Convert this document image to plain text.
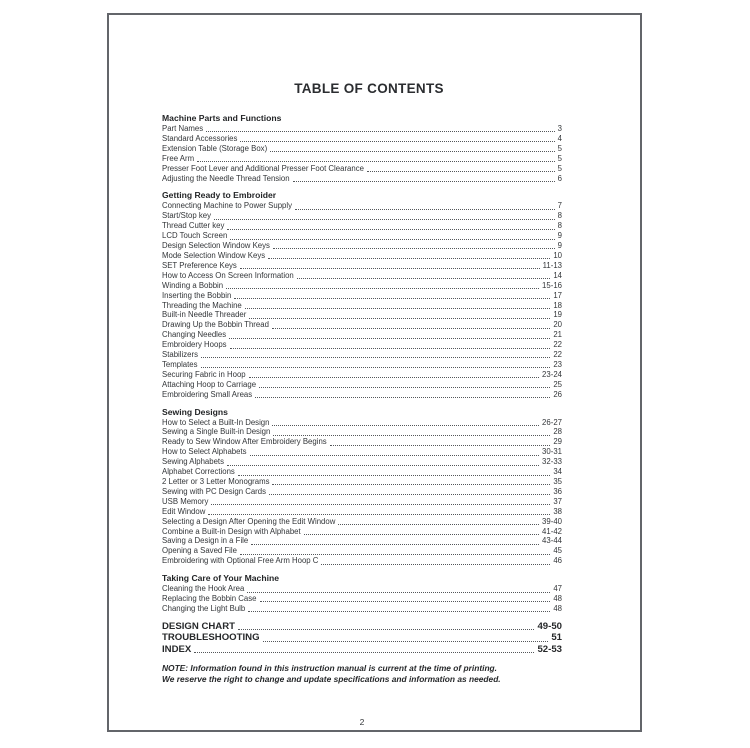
TABLE OF CONTENTS
Machine Parts and Functions
Part Names	3
Standard Accessories	4
Extension Table (Storage Box)	5
Free Arm	5
Presser Foot Lever and Additional Presser Foot Clearance	5
Adjusting the Needle Thread Tension	6
Getting Ready to Embroider
Connecting Machine to Power Supply	7
Start/Stop key	8
Thread Cutter key	8
LCD Touch Screen	9
Design Selection Window Keys	9
Mode Selection Window Keys	10
SET Preference Keys	11-13
How to Access On Screen Information	14
Winding a Bobbin	15-16
Inserting the Bobbin	17
Threading the Machine	18
Built-in Needle Threader	19
Drawing Up the Bobbin Thread	20
Changing Needles	21
Embroidery Hoops	22
Stabilizers	22
Templates	23
Securing Fabric in Hoop	23-24
Attaching Hoop to Carriage	25
Embroidering Small Areas	26
Sewing Designs
How to Select a Built-In Design	26-27
Sewing a Single Built-in Design	28
Ready to Sew Window After Embroidery Begins	29
How to Select Alphabets	30-31
Sewing Alphabets	32-33
Alphabet Corrections	34
2 Letter or 3 Letter Monograms	35
Sewing with PC Design Cards	36
USB Memory	37
Edit Window	38
Selecting a Design After Opening the Edit Window	39-40
Combine a Built-in Design with Alphabet	41-42
Saving a Design in a File	43-44
Opening a Saved File	45
Embroidering with Optional Free Arm Hoop C	46
Taking Care of Your Machine
Cleaning the Hook Area	47
Replacing the Bobbin Case	48
Changing the Light Bulb	48
DESIGN CHART	49-50
TROUBLESHOOTING	51
INDEX	52-53
NOTE: Information found in this instruction manual is current at the time of printing.
We reserve the right to change and update specifications and information as needed.
2
